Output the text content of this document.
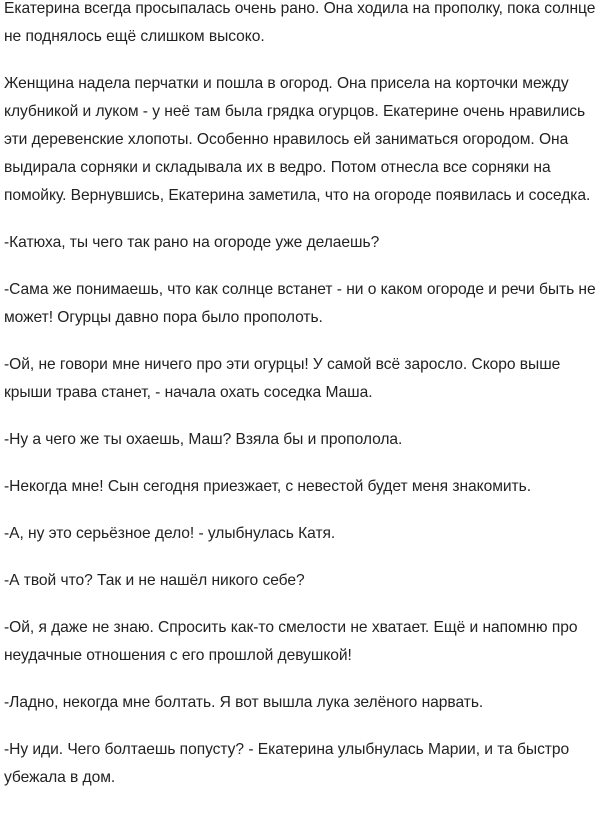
Екатерина всегда просыпалась очень рано. Она ходила на прополку, пока солнце не поднялось ещё слишком высоко.

Женщина надела перчатки и пошла в огород. Она присела на корточки между клубникой и луком - у неё там была грядка огурцов. Екатерине очень нравились эти деревенские хлопоты. Особенно нравилось ей заниматься огородом. Она выдирала сорняки и складывала их в ведро. Потом отнесла все сорняки на помойку. Вернувшись, Екатерина заметила, что на огороде появилась и соседка.

-Катюха, ты чего так рано на огороде уже делаешь?

-Сама же понимаешь, что как солнце встанет - ни о каком огороде и речи быть не может! Огурцы давно пора было прополоть.

-Ой, не говори мне ничего про эти огурцы! У самой всё заросло. Скоро выше крыши трава станет, - начала охать соседка Маша.

-Ну а чего же ты охаешь, Маш? Взяла бы и прополола.

-Некогда мне! Сын сегодня приезжает, с невестой будет меня знакомить.

-А, ну это серьёзное дело! - улыбнулась Катя.

-А твой что? Так и не нашёл никого себе?

-Ой, я даже не знаю. Спросить как-то смелости не хватает. Ещё и напомню про неудачные отношения с его прошлой девушкой!

-Ладно, некогда мне болтать. Я вот вышла лука зелёного нарвать.

-Ну иди. Чего болтаешь попусту? - Екатерина улыбнулась Марии, и та быстро убежала в дом.
